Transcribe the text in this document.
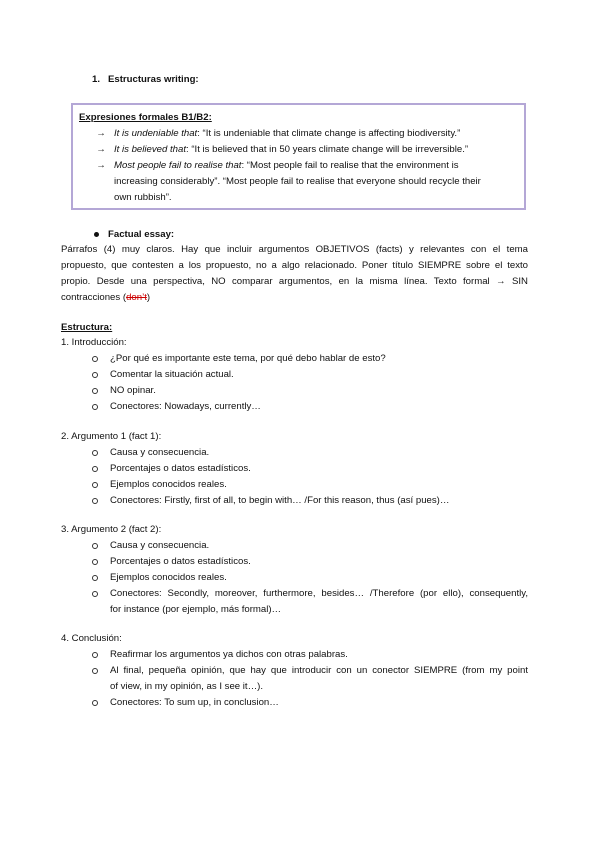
1. Estructuras writing:
Expresiones formales B1/B2:
→ It is undeniable that: “It is undeniable that climate change is affecting biodiversity.”
→ It is believed that: “It is believed that in 50 years climate change will be irreversible.”
→ Most people fail to realise that: “Most people fail to realise that the environment is
increasing considerably”. “Most people fail to realise that everyone should recycle their
own rubbish”.
Factual essay:
Párrafos (4) muy claros. Hay que incluir argumentos OBJETIVOS (facts) y relevantes con el tema
propuesto, que contesten a los propuesto, no a algo relacionado. Poner título SIEMPRE sobre el texto
propio. Desde una perspectiva, NO comparar argumentos, en la misma línea. Texto formal → SIN
contracciones (don’t)
Estructura:
1. Introducción:
¿Por qué es importante este tema, por qué debo hablar de esto?
Comentar la situación actual.
NO opinar.
Conectores: Nowadays, currently…
2. Argumento 1 (fact 1):
Causa y consecuencia.
Porcentajes o datos estadísticos.
Ejemplos conocidos reales.
Conectores: Firstly, first of all, to begin with… /For this reason, thus (así pues)…
3. Argumento 2 (fact 2):
Causa y consecuencia.
Porcentajes o datos estadísticos.
Ejemplos conocidos reales.
Conectores: Secondly, moreover, furthermore, besides… /Therefore (por ello), consequently,
for instance (por ejemplo, más formal)…
4. Conclusión:
Reafirmar los argumentos ya dichos con otras palabras.
Al final, pequeña opinión, que hay que introducir con un conector SIEMPRE (from my point
of view, in my opinión, as I see it…).
Conectores: To sum up, in conclusion…
